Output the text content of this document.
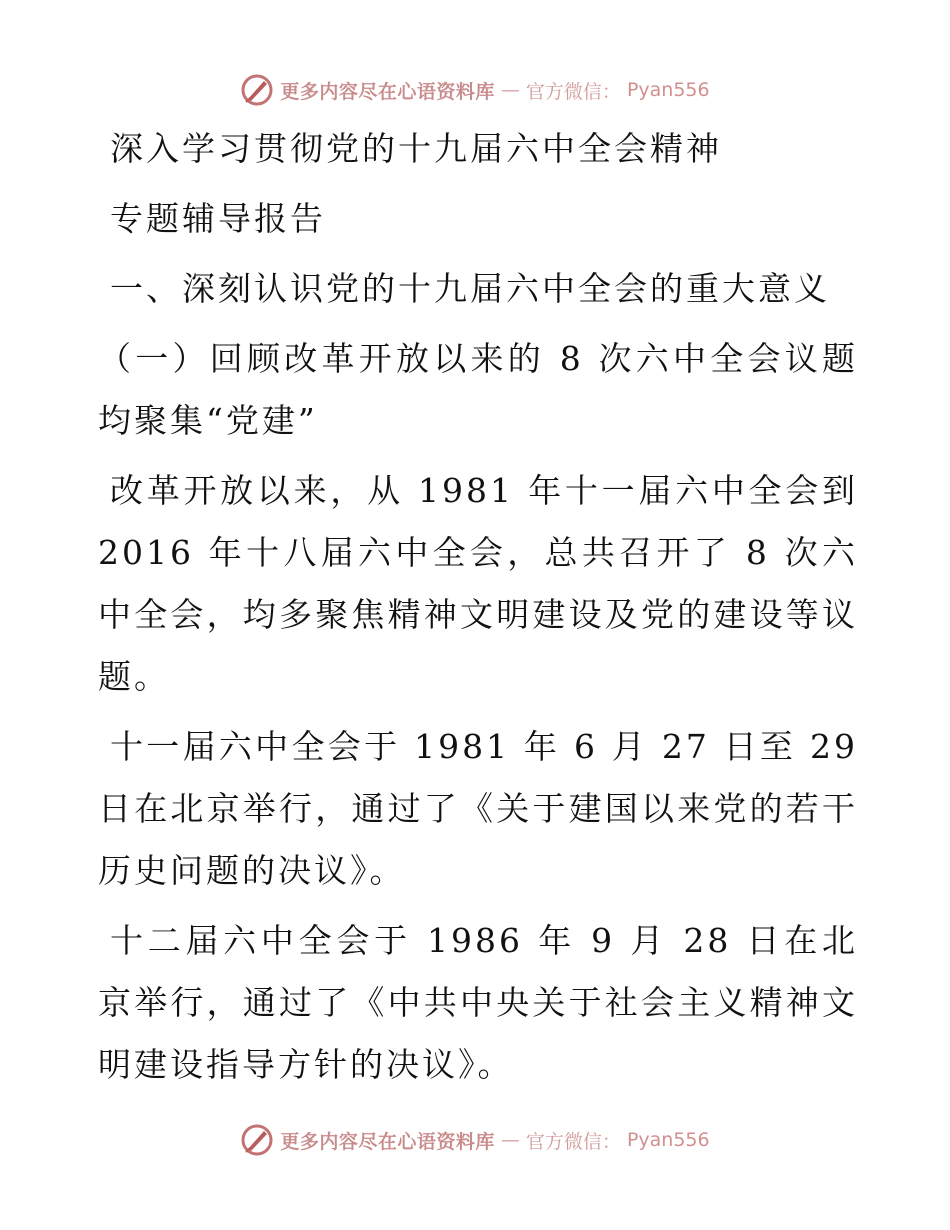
更多内容尽在心语资料库 — 官方微信： Pyan556

深入学习贯彻党的十九届六中全会精神

专题辅导报告

一、深刻认识党的十九届六中全会的重大意义

（一）回顾改革开放以来的 8 次六中全会议题均聚集“党建”

改革开放以来，从 1981 年十一届六中全会到 2016 年十八届六中全会，总共召开了 8 次六中全会，均多聚焦精神文明建设及党的建设等议题。

十一届六中全会于 1981 年 6 月 27 日至 29 日在北京举行，通过了《关于建国以来党的若干历史问题的决议》。

十二届六中全会于 1986 年 9 月 28 日在北京举行，通过了《中共中央关于社会主义精神文明建设指导方针的决议》。

更多内容尽在心语资料库 — 官方微信： Pyan556
